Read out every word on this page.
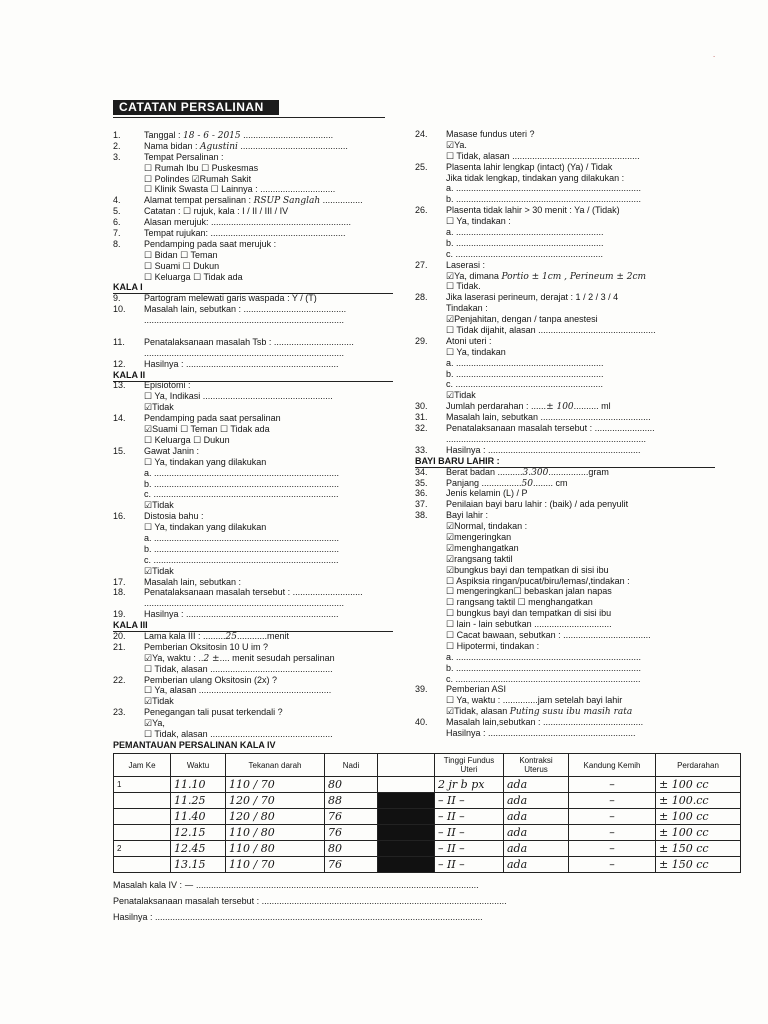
CATATAN PERSALINAN
1.	Tanggal : 18 - 6 - 2015 ....................................
2.	Nama bidan : Agustini ...........................................
3.	Tempat Persalinan :
☐ Rumah Ibu ☐ Puskesmas
☐ Polindes ☑Rumah Sakit
☐ Klinik Swasta ☐ Lainnya : ..............................
4.	Alamat tempat persalinan : RSUP Sanglah ................
5.	Catatan : ☐ rujuk, kala : I / II / III / IV
6.	Alasan merujuk: ........................................................
7.	Tempat rujukan: ......................................................
8.	Pendamping pada saat merujuk :
☐ Bidan ☐ Teman
☐ Suami ☐ Dukun
☐ Keluarga ☐ Tidak ada
KALA I
9.	Partogram melewati garis waspada : Y / (T)
10. Masalah lain, sebutkan : .........................................
................................................................................
11. Penatalaksanaan masalah Tsb : ................................
................................................................................
12. Hasilnya : .............................................................
KALA II
13. Episiotomi :
☐ Ya, Indikasi ....................................................
☑Tidak
14. Pendamping pada saat persalinan
☑Suami ☐ Teman ☐ Tidak ada
☐ Keluarga ☐ Dukun
15. Gawat Janin :
☐ Ya, tindakan yang dilakukan
a. ..........................................................................
b. ..........................................................................
c. ..........................................................................
☑Tidak
16. Distosia bahu :
☐ Ya, tindakan yang dilakukan
a. ..........................................................................
b. ..........................................................................
c. ..........................................................................
☑Tidak
17. Masalah lain, sebutkan :
18. Penatalaksanaan masalah tersebut : ............................
................................................................................
19. Hasilnya : .............................................................
KALA III
20. Lama kala III : .........25............menit
21. Pemberian Oksitosin 10 U im ?
☑Ya, waktu : ..2 ±.... menit sesudah persalinan
☐ Tidak, alasan .................................................
22. Pemberian ulang Oksitosin (2x) ?
☐ Ya, alasan .....................................................
☑Tidak
23. Penegangan tali pusat terkendali ?
☑Ya,
☐ Tidak, alasan .................................................
24. Masase fundus uteri ?
☑Ya.
☐ Tidak, alasan ...................................................
25. Plasenta lahir lengkap (intact) (Ya) / Tidak
Jika tidak lengkap, tindakan yang dilakukan :
a. ..........................................................................
b. ..........................................................................
26. Plasenta tidak lahir > 30 menit : Ya / (Tidak)
☐ Ya, tindakan :
a. ...........................................................
b. ...........................................................
c. ...........................................................
27. Laserasi :
☑Ya, dimana Portio ± 1cm , Perineum ± 2cm
☐ Tidak.
28. Jika laserasi perineum, derajat : 1 / 2 / 3 / 4
Tindakan :
☑Penjahitan, dengan / tanpa anestesi
☐ Tidak dijahit, alasan ...............................................
29. Atoni uteri :
☐ Ya, tindakan
a. ...........................................................
b. ...........................................................
c. ...........................................................
☑Tidak
30. Jumlah perdarahan : ......± 100.......... ml
31. Masalah lain, sebutkan ............................................
32. Penatalaksanaan masalah tersebut : ........................
................................................................................
33. Hasilnya : .............................................................
BAYI BARU LAHIR :
34. Berat badan ..........3.300................gram
35. Panjang ................50........ cm
36. Jenis kelamin (L) / P
37. Penilaian bayi baru lahir : (baik) / ada penyulit
38. Bayi lahir :
☑Normal, tindakan :
☑mengeringkan
☑menghangatkan
☑rangsang taktil
☑bungkus bayi dan tempatkan di sisi ibu
☐ Aspiksia ringan/pucat/biru/lemas/,tindakan :
☐ mengeringkan☐ bebaskan jalan napas
☐ rangsang taktil ☐ menghangatkan
☐ bungkus bayi dan tempatkan di sisi ibu
☐ lain - lain sebutkan ...............................
☐ Cacat bawaan, sebutkan : ...................................
☐ Hipotermi, tindakan :
a. ..........................................................................
b. ..........................................................................
c. ..........................................................................
39. Pemberian ASI
☐ Ya, waktu : ..............jam setelah bayi lahir
☑Tidak, alasan Puting susu ibu masih rata
40. Masalah lain,sebutkan : ........................................
Hasilnya : ...........................................................
PEMANTAUAN PERSALINAN KALA IV
Jam Ke	Waktu	Tekanan darah	Nadi		Tinggi Fundus Uteri	Kontraksi Uterus	Kandung Kemih	Perdarahan
1	11.10	110 / 70	80		2 jr b px	ada	–	± 100 cc
	11.25	120 / 70	88		– II –	ada	–	± 100.cc
	11.40	120 / 80	76		– II –	ada	–	± 100 cc
	12.15	110 / 80	76		– II –	ada	–	± 100 cc
2	12.45	110 / 80	80		– II –	ada	–	± 150 cc
	13.15	110 / 70	76		– II –	ada	–	± 150 cc
Masalah kala IV : — .................................................................................................................
Penatalaksanaan masalah tersebut : ..................................................................................................
Hasilnya : ...................................................................................................................................
˙
